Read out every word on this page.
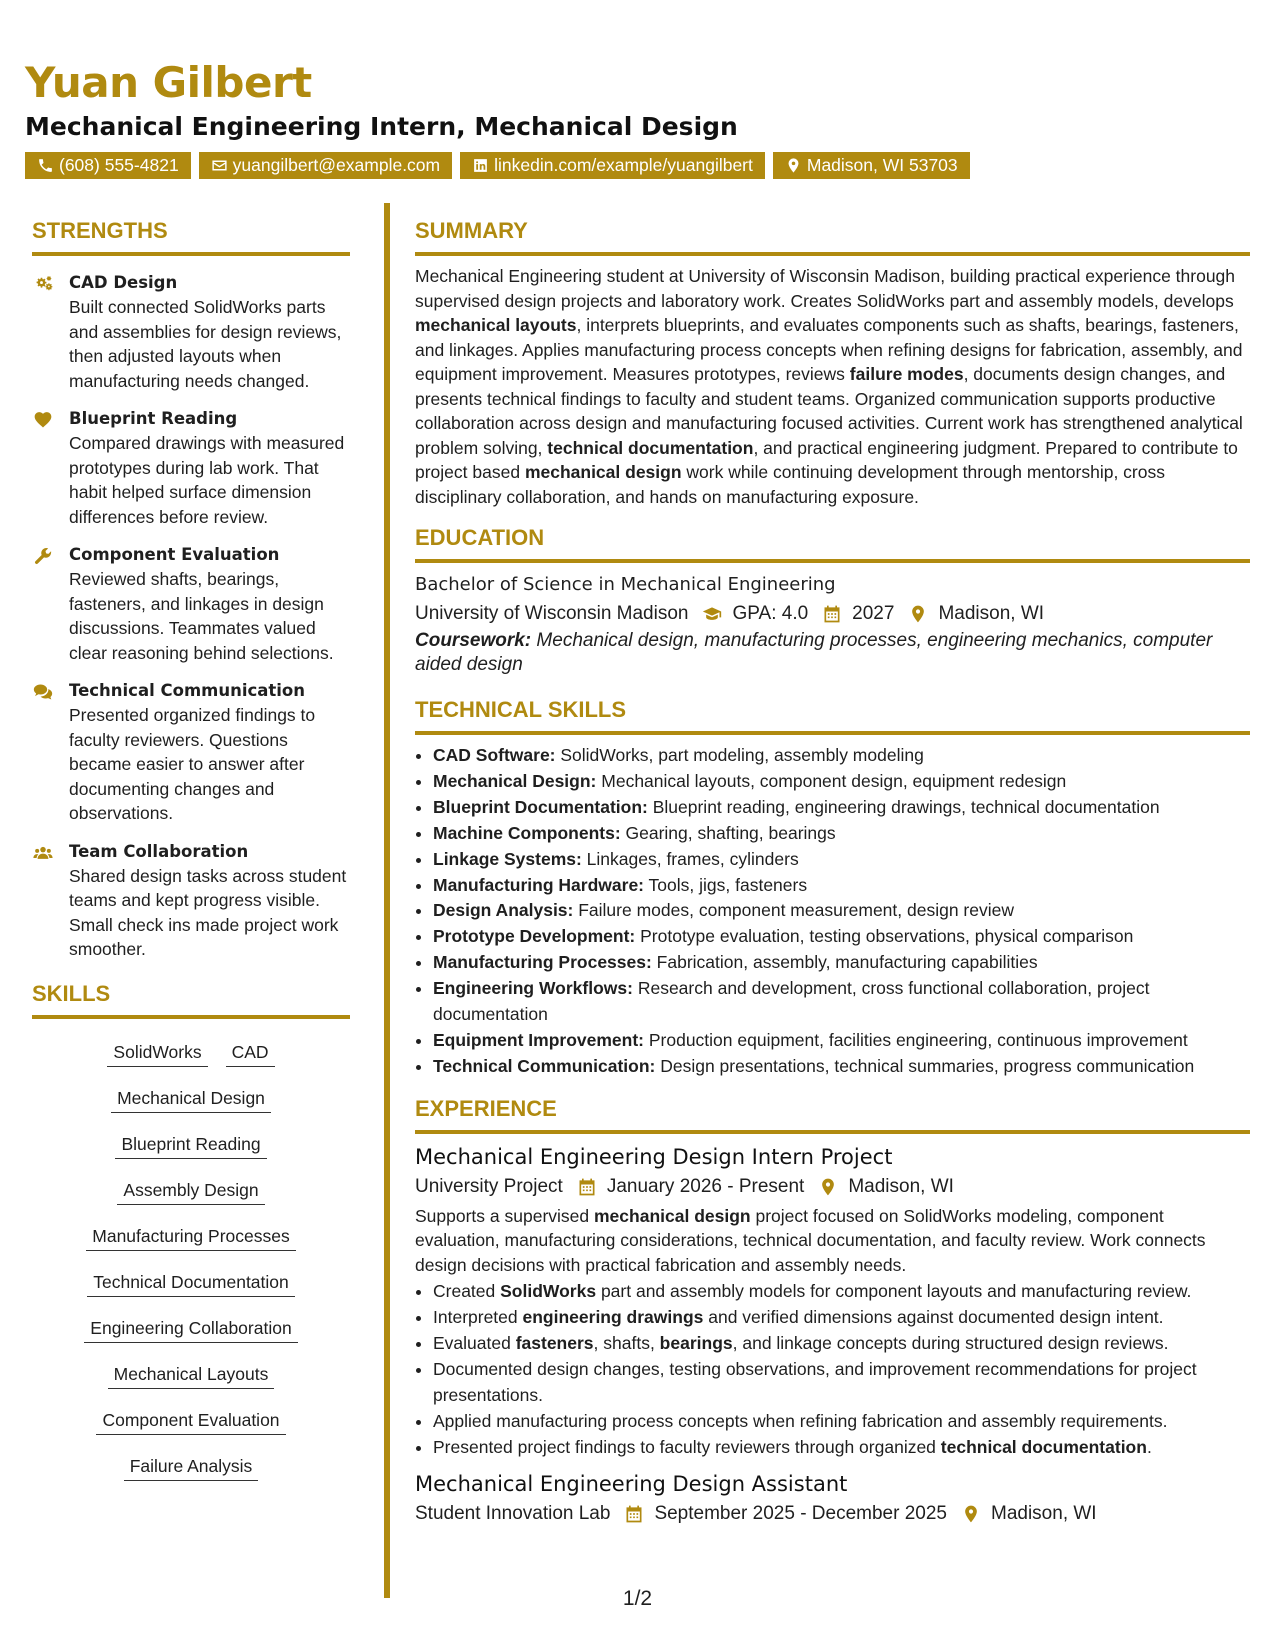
Yuan Gilbert
Mechanical Engineering Intern, Mechanical Design
(608) 555-4821	yuangilbert@example.com	linkedin.com/example/yuangilbert	Madison, WI 53703
STRENGTHS
CAD Design
Built connected SolidWorks parts and assemblies for design reviews, then adjusted layouts when manufacturing needs changed.
Blueprint Reading
Compared drawings with measured prototypes during lab work. That habit helped surface dimension differences before review.
Component Evaluation
Reviewed shafts, bearings, fasteners, and linkages in design discussions. Teammates valued clear reasoning behind selections.
Technical Communication
Presented organized findings to faculty reviewers. Questions became easier to answer after documenting changes and observations.
Team Collaboration
Shared design tasks across student teams and kept progress visible. Small check ins made project work smoother.
SKILLS
SolidWorks	CAD
Mechanical Design
Blueprint Reading
Assembly Design
Manufacturing Processes
Technical Documentation
Engineering Collaboration
Mechanical Layouts
Component Evaluation
Failure Analysis
SUMMARY

Mechanical Engineering student at University of Wisconsin Madison, building practical experience through supervised design projects and laboratory work. Creates SolidWorks part and assembly models, develops mechanical layouts, interprets blueprints, and evaluates components such as shafts, bearings, fasteners, and linkages. Applies manufacturing process concepts when refining designs for fabrication, assembly, and equipment improvement. Measures prototypes, reviews failure modes, documents design changes, and presents technical findings to faculty and student teams. Organized communication supports productive collaboration across design and manufacturing focused activities. Current work has strengthened analytical problem solving, technical documentation, and practical engineering judgment. Prepared to contribute to project based mechanical design work while continuing development through mentorship, cross disciplinary collaboration, and hands on manufacturing exposure.

EDUCATION
Bachelor of Science in Mechanical Engineering
University of Wisconsin Madison GPA: 4.0 2027 Madison, WI
Coursework: Mechanical design, manufacturing processes, engineering mechanics, computer aided design
TECHNICAL SKILLS
• CAD Software: SolidWorks, part modeling, assembly modeling
• Mechanical Design: Mechanical layouts, component design, equipment redesign
• Blueprint Documentation: Blueprint reading, engineering drawings, technical documentation
• Machine Components: Gearing, shafting, bearings
• Linkage Systems: Linkages, frames, cylinders
• Manufacturing Hardware: Tools, jigs, fasteners
• Design Analysis: Failure modes, component measurement, design review
• Prototype Development: Prototype evaluation, testing observations, physical comparison
• Manufacturing Processes: Fabrication, assembly, manufacturing capabilities
• Engineering Workflows: Research and development, cross functional collaboration, project documentation
• Equipment Improvement: Production equipment, facilities engineering, continuous improvement
• Technical Communication: Design presentations, technical summaries, progress communication
EXPERIENCE
Mechanical Engineering Design Intern Project
University Project January 2026 - Present Madison, WI

Supports a supervised mechanical design project focused on SolidWorks modeling, component evaluation, manufacturing considerations, technical documentation, and faculty review. Work connects design decisions with practical fabrication and assembly needs.

• Created SolidWorks part and assembly models for component layouts and manufacturing review.
• Interpreted engineering drawings and verified dimensions against documented design intent.
• Evaluated fasteners, shafts, bearings, and linkage concepts during structured design reviews.
• Documented design changes, testing observations, and improvement recommendations for project presentations.
• Applied manufacturing process concepts when refining fabrication and assembly requirements.
• Presented project findings to faculty reviewers through organized technical documentation.
Mechanical Engineering Design Assistant
Student Innovation Lab September 2025 - December 2025 Madison, WI
1/2
